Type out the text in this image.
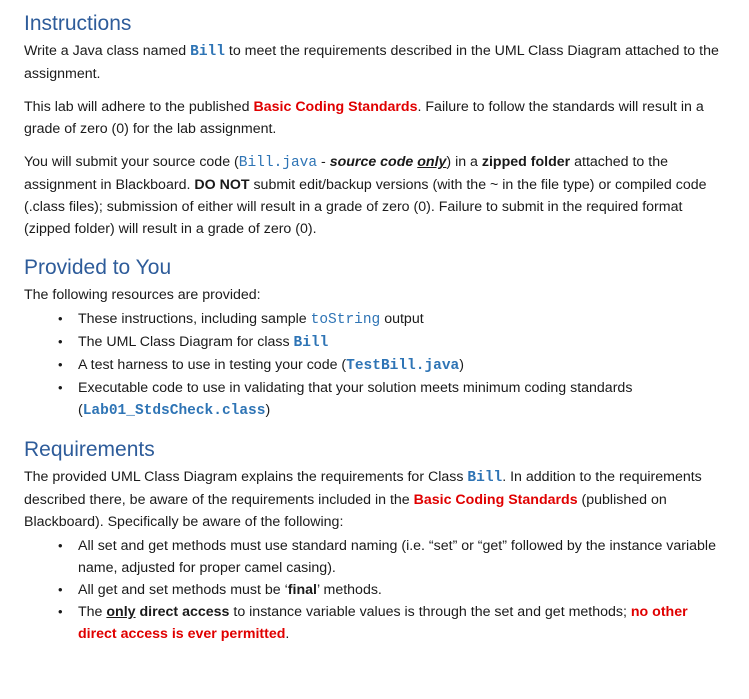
Instructions

Write a Java class named Bill to meet the requirements described in the UML Class Diagram attached to the assignment.

This lab will adhere to the published Basic Coding Standards. Failure to follow the standards will result in a grade of zero (0) for the lab assignment.

You will submit your source code (Bill.java - source code only) in a zipped folder attached to the assignment in Blackboard. DO NOT submit edit/backup versions (with the ~ in the file type) or compiled code (.class files); submission of either will result in a grade of zero (0). Failure to submit in the required format (zipped folder) will result in a grade of zero (0).

Provided to You

The following resources are provided:

• These instructions, including sample toString output
• The UML Class Diagram for class Bill
• A test harness to use in testing your code (TestBill.java)
• Executable code to use in validating that your solution meets minimum coding standards (Lab01_StdsCheck.class)
Requirements

The provided UML Class Diagram explains the requirements for Class Bill. In addition to the requirements described there, be aware of the requirements included in the Basic Coding Standards (published on Blackboard). Specifically be aware of the following:

• All set and get methods must use standard naming (i.e. “set” or “get” followed by the instance variable name, adjusted for proper camel casing).
• All get and set methods must be ‘final’ methods.
• The only direct access to instance variable values is through the set and get methods; no other direct access is ever permitted.
